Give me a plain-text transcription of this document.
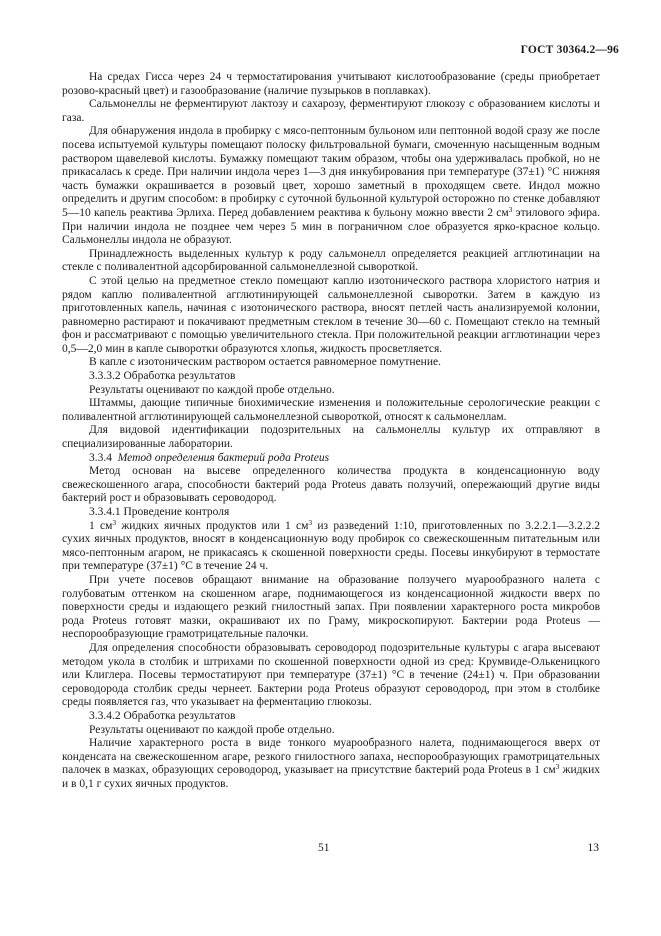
ГОСТ 30364.2—96

На средах Гисса через 24 ч термостатирования учитывают кислотообразование (среды приобретает розово-красный цвет) и газообразование (наличие пузырьков в поплавках).

Сальмонеллы не ферментируют лактозу и сахарозу, ферментируют глюкозу с образованием кислоты и газа.

Для обнаружения индола в пробирку с мясо-пептонным бульоном или пептонной водой сразу же после посева испытуемой культуры помещают полоску фильтровальной бумаги, смоченную насыщенным водным раствором щавелевой кислоты. Бумажку помещают таким образом, чтобы она удерживалась пробкой, но не прикасалась к среде. При наличии индола через 1—3 дня инкубирования при температуре (37±1) °С нижняя часть бумажки окрашивается в розовый цвет, хорошо заметный в проходящем свете. Индол можно определить и другим способом: в пробирку с суточной бульонной культурой осторожно по стенке добавляют 5—10 капель реактива Эрлиха. Перед добавлением реактива к бульону можно ввести 2 $см^3$ этилового эфира. При наличии индола не позднее чем через 5 мин в пограничном слое образуется ярко-красное кольцо. Сальмонеллы индола не образуют.

Принадлежность выделенных культур к роду сальмонелл определяется реакцией агглютинации на стекле с поливалентной адсорбированной сальмонеллезной сывороткой.

С этой целью на предметное стекло помещают каплю изотонического раствора хлористого натрия и рядом каплю поливалентной агглютинирующей сальмонеллезной сыворотки. Затем в каждую из приготовленных капель, начиная с изотонического раствора, вносят петлей часть анализируемой колонии, равномерно растирают и покачивают предметным стеклом в течение 30—60 с. Помещают стекло на темный фон и рассматривают с помощью увеличительного стекла. При положительной реакции агглютинации через 0,5—2,0 мин в капле сыворотки образуются хлопья, жидкость просветляется.

В капле с изотоническим раствором остается равномерное помутнение.

3.3.3.2 Обработка результатов

Результаты оценивают по каждой пробе отдельно.

Штаммы, дающие типичные биохимические изменения и положительные серологические реакции с поливалентной агглютинирующей сальмонеллезной сывороткой, относят к сальмонеллам.

Для видовой идентификации подозрительных на сальмонеллы культур их отправляют в специализированные лаборатории.

3.3.4 Метод определения бактерий рода Proteus

Метод основан на высеве определенного количества продукта в конденсационную воду свежескошенного агара, способности бактерий рода Proteus давать ползучий, опережающий другие виды бактерий рост и образовывать сероводород.

3.3.4.1 Проведение контроля

1 $см^3$ жидких яичных продуктов или 1 $см^3$ из разведений 1:10, приготовленных по 3.2.2.1—3.2.2.2 сухих яичных продуктов, вносят в конденсационную воду пробирок со свежескошенным питательным или мясо-пептонным агаром, не прикасаясь к скошенной поверхности среды. Посевы инкубируют в термостате при температуре (37±1) °С в течение 24 ч.

При учете посевов обращают внимание на образование ползучего муарообразного налета с голубоватым оттенком на скошенном агаре, поднимающегося из конденсационной жидкости вверх по поверхности среды и издающего резкий гнилостный запах. При появлении характерного роста микробов рода Proteus готовят мазки, окрашивают их по Граму, микроскопируют. Бактерии рода Proteus — неспорообразующие грамотрицательные палочки.

Для определения способности образовывать сероводород подозрительные культуры с агара высевают методом укола в столбик и штрихами по скошенной поверхности одной из сред: Крумвиде-Олькеницкого или Клиглера. Посевы термостатируют при температуре (37±1) °С в течение (24±1) ч. При образовании сероводорода столбик среды чернеет. Бактерии рода Proteus образуют сероводород, при этом в столбике среды появляется газ, что указывает на ферментацию глюкозы.

3.3.4.2 Обработка результатов

Результаты оценивают по каждой пробе отдельно.

Наличие характерного роста в виде тонкого муарообразного налета, поднимающегося вверх от конденсата на свежескошенном агаре, резкого гнилостного запаха, неспорообразующих грамотрицательных палочек в мазках, образующих сероводород, указывает на присутствие бактерий рода Proteus в 1 $см^3$ жидких и в 0,1 г сухих яичных продуктов.

51	13
